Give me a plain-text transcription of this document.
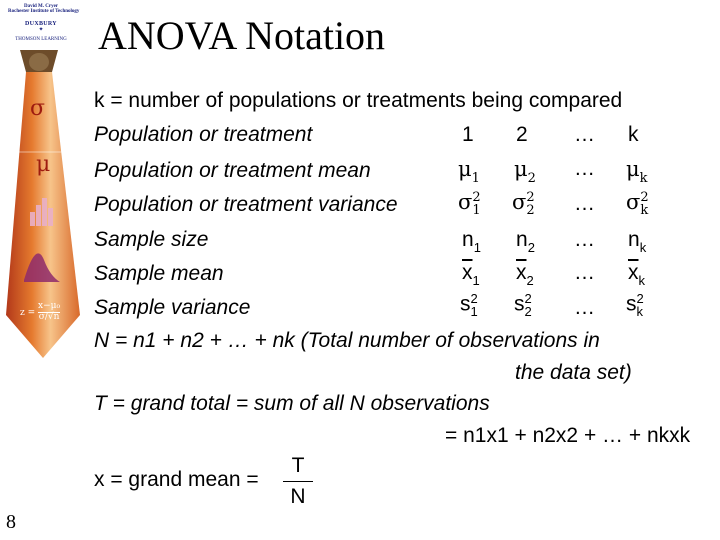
David M. Cryer
Rochester Institute of Technology
DUXBURY
✦
THOMSON LEARNING
σ
μ
$z = \frac{\text{x−μ₀}}{\sigma/√n}$
ANOVA Notation
k = number of populations or treatments being compared
Population or treatment
Population or treatment mean
Population or treatment variance
Sample size
Sample mean
Sample variance
1 2 … k
$\mu_1$ $\mu_2$ … $\mu_k$
σ 2
1 σ 2
2 … σ 2
k
$n_1$ $n_2$ … $n_k$
$\overline{x}_1$ $\overline{x}_2$ … $\overline{x}_k$
s 2
1 s 2
2 … s 2
k
N = n1 + n2 + … + nk (Total number of observations in
the data set)
T = grand total = sum of all N observations
= n1x1 + n2x2 + … + nkxk
x = grand mean = $\frac{T}{N}$
8
